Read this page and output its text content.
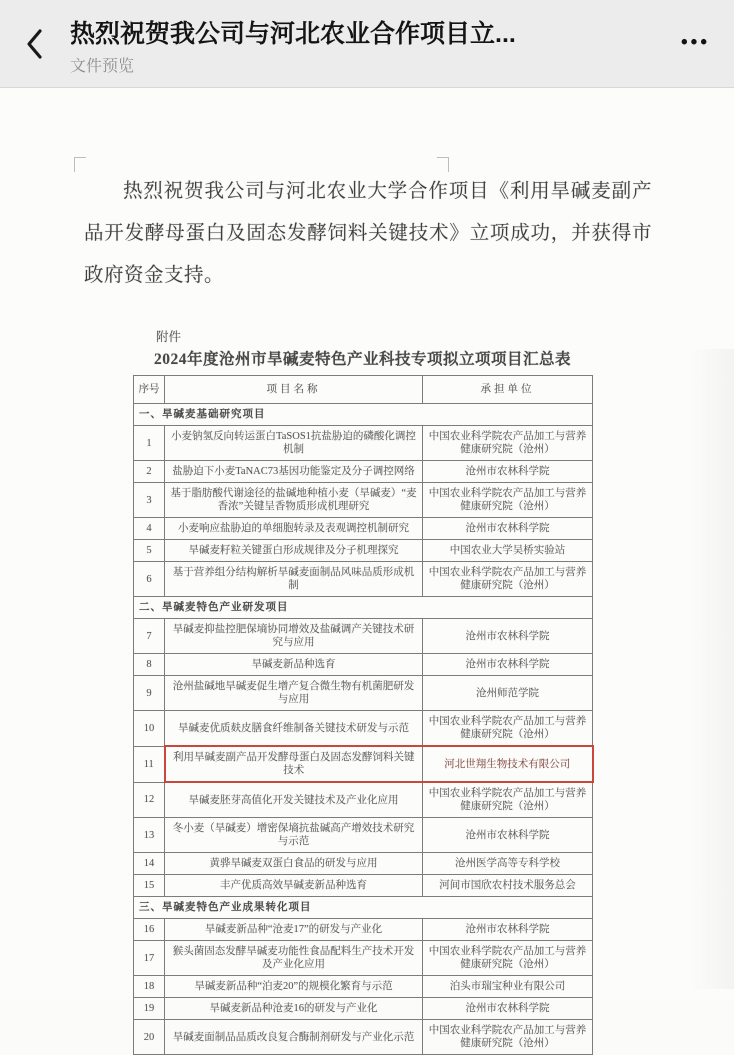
热烈祝贺我公司与河北农业合作项目立...
文件预览
•••
热烈祝贺我公司与河北农业大学合作项目《利用旱碱麦副产品开发酵母蛋白及固态发酵饲料关键技术》立项成功，并获得市政府资金支持。
附件
2024年度沧州市旱碱麦特色产业科技专项拟立项项目汇总表
序号	项目名称	承担单位
一、旱碱麦基础研究项目		
1	小麦钠氢反向转运蛋白TaSOS1抗盐胁迫的磷酸化调控机制	中国农业科学院农产品加工与营养健康研究院（沧州）
2	盐胁迫下小麦TaNAC73基因功能鉴定及分子调控网络	沧州市农林科学院
3	基于脂肪酸代谢途径的盐碱地种植小麦（旱碱麦）“麦香浓”关键呈香物质形成机理研究	中国农业科学院农产品加工与营养健康研究院（沧州）
4	小麦响应盐胁迫的单细胞转录及表观调控机制研究	沧州市农林科学院
5	旱碱麦籽粒关键蛋白形成规律及分子机理探究	中国农业大学吴桥实验站
6	基于营养组分结构解析旱碱麦面制品风味品质形成机制	中国农业科学院农产品加工与营养健康研究院（沧州）
二、旱碱麦特色产业研发项目		
7	旱碱麦抑盐控肥保墒协同增效及盐碱调产关键技术研究与应用	沧州市农林科学院
8	旱碱麦新品种选育	沧州市农林科学院
9	沧州盐碱地旱碱麦促生增产复合微生物有机菌肥研发与应用	沧州师范学院
10	旱碱麦优质麸皮膳食纤维制备关键技术研发与示范	中国农业科学院农产品加工与营养健康研究院（沧州）
11	利用旱碱麦副产品开发酵母蛋白及固态发酵饲料关键技术	河北世翔生物技术有限公司
12	旱碱麦胚芽高值化开发关键技术及产业化应用	中国农业科学院农产品加工与营养健康研究院（沧州）
13	冬小麦（旱碱麦）增密保墒抗盐碱高产增效技术研究与示范	沧州市农林科学院
14	黄骅旱碱麦双蛋白食品的研发与应用	沧州医学高等专科学校
15	丰产优质高效旱碱麦新品种选育	河间市国欣农村技术服务总会
三、旱碱麦特色产业成果转化项目		
16	旱碱麦新品种“沧麦17”的研发与产业化	沧州市农林科学院
17	猴头菌固态发酵旱碱麦功能性食品配料生产技术开发及产业化应用	中国农业科学院农产品加工与营养健康研究院（沧州）
18	旱碱麦新品种“泊麦20”的规模化繁育与示范	泊头市瑞宝种业有限公司
19	旱碱麦新品种沧麦16的研发与产业化	沧州市农林科学院
20	旱碱麦面制品品质改良复合酶制剂研发与产业化示范	中国农业科学院农产品加工与营养健康研究院（沧州）
